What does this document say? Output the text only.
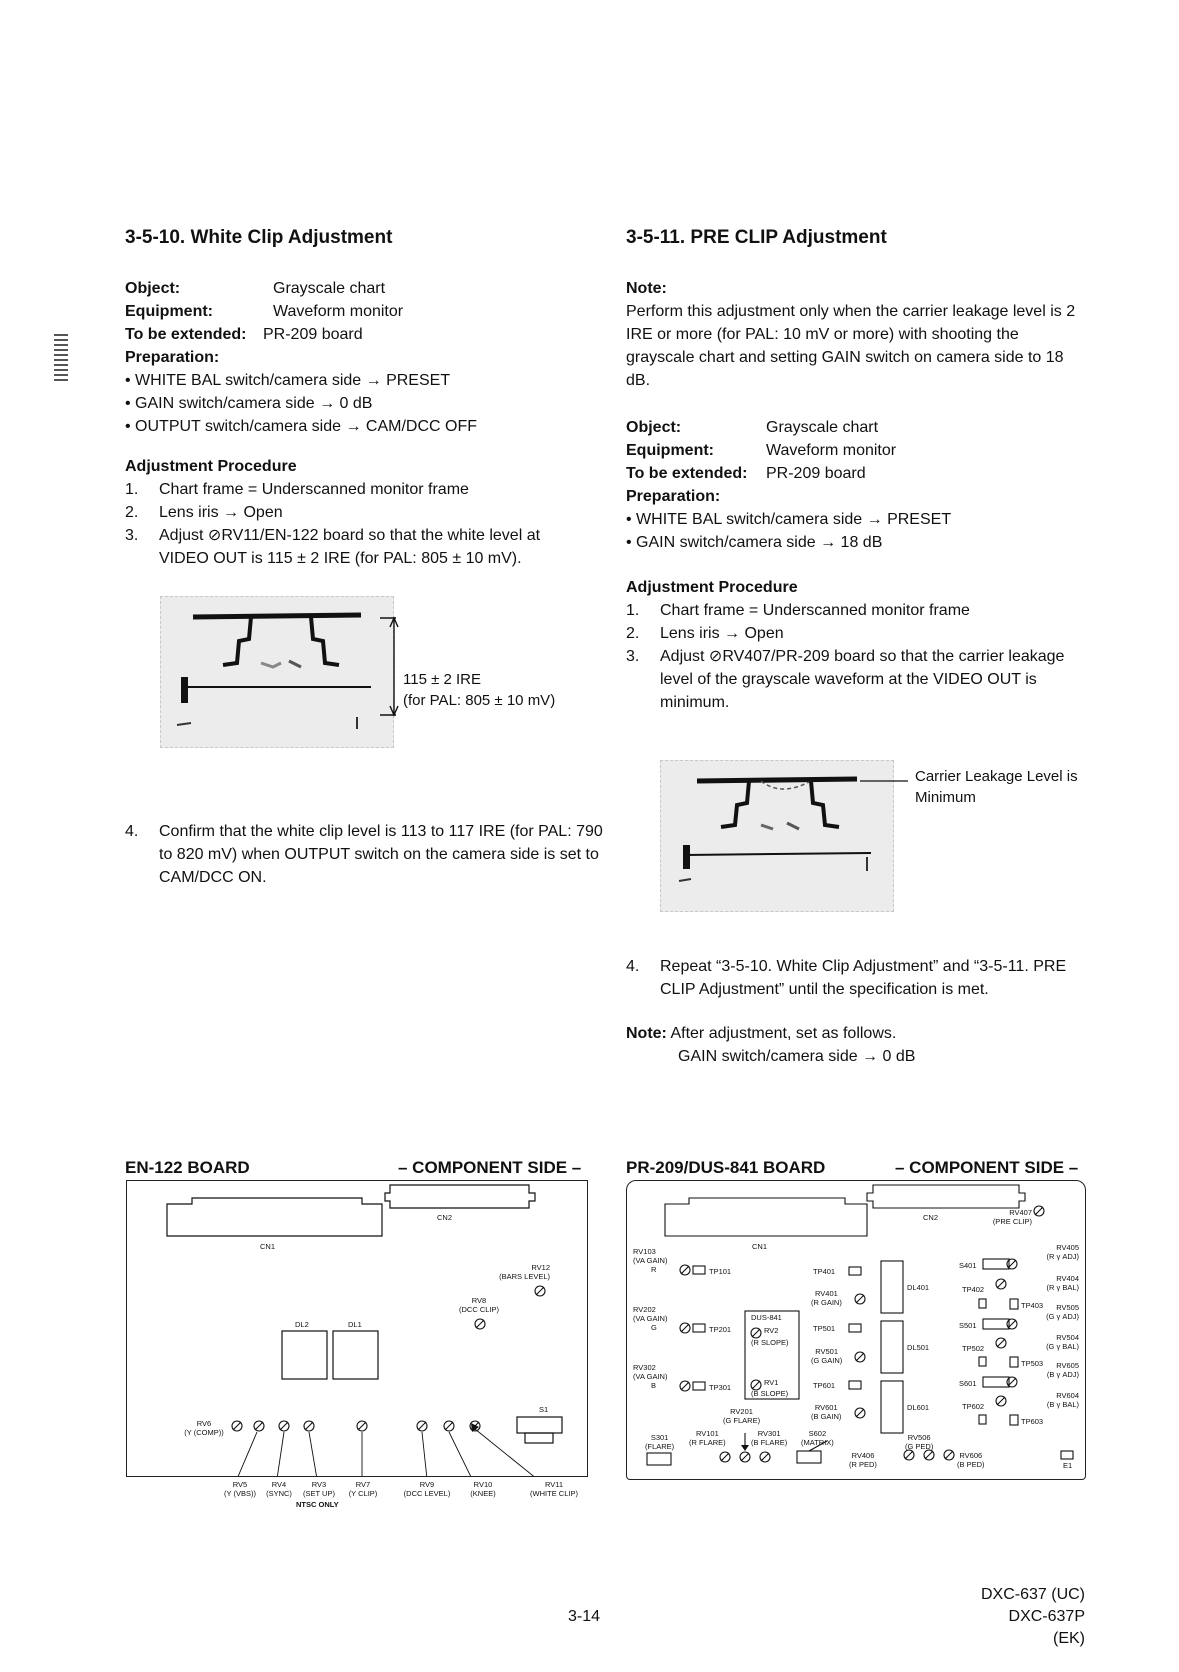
3-5-10. White Clip Adjustment
Object:	Grayscale chart
Equipment:	Waveform monitor
To be extended:	PR-209 board
Preparation:
• WHITE BAL switch/camera side → PRESET
• GAIN switch/camera side → 0 dB
• OUTPUT switch/camera side → CAM/DCC OFF
Adjustment Procedure
1.	Chart frame = Underscanned monitor frame
2.	Lens iris → Open
3.	Adjust ⊘RV11/EN-122 board so that the white level at VIDEO OUT is 115 ± 2 IRE (for PAL: 805 ± 10 mV).
115 ± 2 IRE
(for PAL: 805 ± 10 mV)
4.	Confirm that the white clip level is 113 to 117 IRE (for PAL: 790 to 820 mV) when OUTPUT switch on the camera side is set to CAM/DCC ON.
3-5-11. PRE CLIP Adjustment
Note:
Perform this adjustment only when the carrier leakage level is 2 IRE or more (for PAL: 10 mV or more) with shooting the grayscale chart and setting GAIN switch on camera side to 18 dB.
Object:	Grayscale chart
Equipment:	Waveform monitor
To be extended:	PR-209 board
Preparation:
• WHITE BAL switch/camera side → PRESET
• GAIN switch/camera side → 18 dB
Adjustment Procedure
1.	Chart frame = Underscanned monitor frame
2.	Lens iris → Open
3.	Adjust ⊘RV407/PR-209 board so that the carrier leakage level of the grayscale waveform at the VIDEO OUT is minimum.
Carrier Leakage Level is
Minimum
4.	Repeat “3-5-10. White Clip Adjustment” and “3-5-11. PRE CLIP Adjustment” until the specification is met.
Note: After adjustment, set as follows.
GAIN switch/camera side → 0 dB
EN-122 BOARD	– COMPONENT SIDE –
CN1
CN2
DL2	DL1
S1
RV12
(BARS LEVEL)
RV8
(DCC CLIP)
RV6
(Y (COMP))
RV5
(Y (VBS))
RV4
(SYNC)
RV3
(SET UP)
NTSC ONLY
RV7
(Y CLIP)
RV9
(DCC LEVEL)
RV10
(KNEE)
RV11
(WHITE CLIP)
PR-209/DUS-841 BOARD	– COMPONENT SIDE –
CN1
CN2
RV407
(PRE CLIP)
RV103
(VA GAIN)
R	TP101
RV202
(VA GAIN)
G	TP201
RV302
(VA GAIN)
B	TP301
DUS-841
RV2
(R SLOPE)
RV1
(B SLOPE)
TP401
RV401
(R GAIN)
TP501
RV501
(G GAIN)
TP601
RV601
(B GAIN)
DL401
DL501
DL601
S401
S501
S601
RV405
(R γ ADJ)
RV404
(R γ BAL)
TP402
TP403	RV505
(G γ ADJ)
RV504
(G γ BAL)
TP502
TP503	RV605
(B γ ADJ)
RV604
(B γ BAL)
TP602
TP603
RV201
(G FLARE)
S301
(FLARE)
RV101
(R FLARE)
RV301
(B FLARE)
S602
(MATRIX)
RV506
(G PED)
RV406
(R PED)
RV606
(B PED)	E1
3-14
DXC-637 (UC)
DXC-637P (EK)
